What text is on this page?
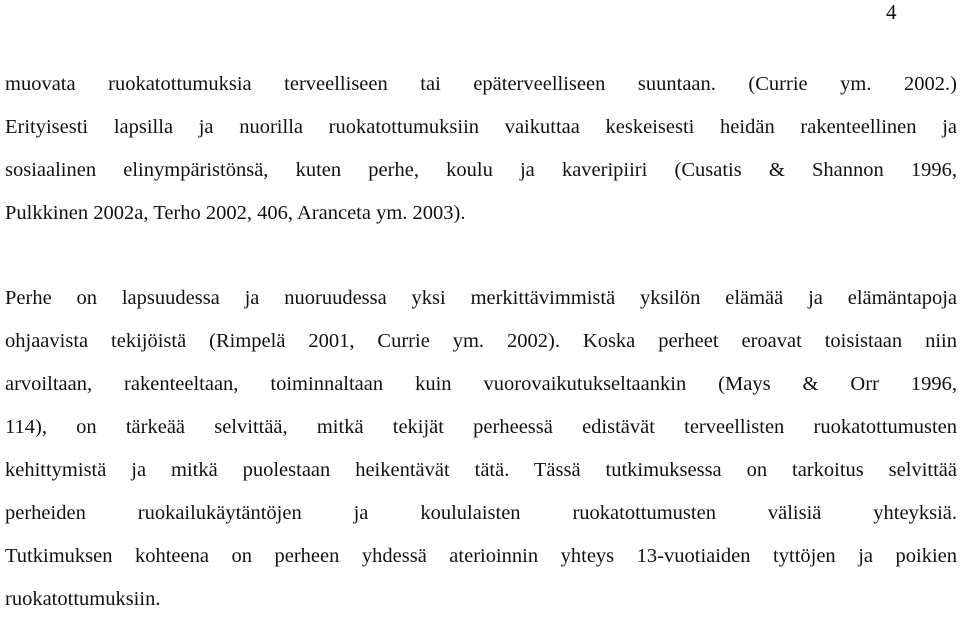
4
muovata ruokatottumuksia terveelliseen tai epäterveelliseen suuntaan. (Currie ym. 2002.)
Erityisesti lapsilla ja nuorilla ruokatottumuksiin vaikuttaa keskeisesti heidän rakenteellinen ja
sosiaalinen elinympäristönsä, kuten perhe, koulu ja kaveripiiri (Cusatis & Shannon 1996,
Pulkkinen 2002a, Terho 2002, 406, Aranceta ym. 2003).
Perhe on lapsuudessa ja nuoruudessa yksi merkittävimmistä yksilön elämää ja elämäntapoja
ohjaavista tekijöistä (Rimpelä 2001, Currie ym. 2002). Koska perheet eroavat toisistaan niin
arvoiltaan, rakenteeltaan, toiminnaltaan kuin vuorovaikutukseltaankin (Mays & Orr 1996,
114), on tärkeää selvittää, mitkä tekijät perheessä edistävät terveellisten ruokatottumusten
kehittymistä ja mitkä puolestaan heikentävät tätä. Tässä tutkimuksessa on tarkoitus selvittää
perheiden ruokailukäytäntöjen ja koululaisten ruokatottumusten välisiä yhteyksiä.
Tutkimuksen kohteena on perheen yhdessä aterioinnin yhteys 13-vuotiaiden tyttöjen ja poikien
ruokatottumuksiin.
